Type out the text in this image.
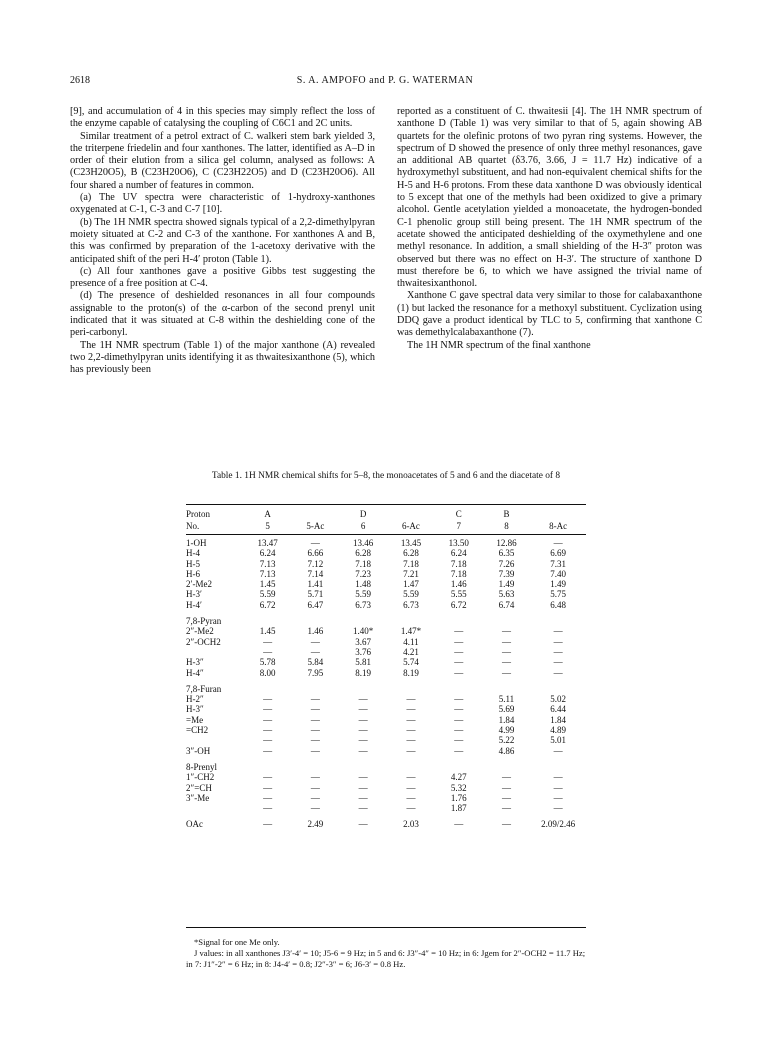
2618	S. A. AMPOFO and P. G. WATERMAN

[9], and accumulation of 4 in this species may simply reflect the loss of the enzyme capable of catalysing the coupling of C6C1 and 2C units.

Similar treatment of a petrol extract of C. walkeri stem bark yielded 3, the triterpene friedelin and four xanthones. The latter, identified as A–D in order of their elution from a silica gel column, analysed as follows: A (C23H20O5), B (C23H20O6), C (C23H22O5) and D (C23H20O6). All four shared a number of features in common.

(a) The UV spectra were characteristic of 1-hydroxy-xanthones oxygenated at C-1, C-3 and C-7 [10].

(b) The 1H NMR spectra showed signals typical of a 2,2-dimethylpyran moiety situated at C-2 and C-3 of the xanthone. For xanthones A and B, this was confirmed by preparation of the 1-acetoxy derivative with the anticipated shift of the peri H-4′ proton (Table 1).

(c) All four xanthones gave a positive Gibbs test suggesting the presence of a free position at C-4.

(d) The presence of deshielded resonances in all four compounds assignable to the proton(s) of the α-carbon of the second prenyl unit indicated that it was situated at C-8 within the deshielding cone of the peri-carbonyl.

The 1H NMR spectrum (Table 1) of the major xanthone (A) revealed two 2,2-dimethylpyran units identifying it as thwaitesixanthone (5), which has previously been

reported as a constituent of C. thwaitesii [4]. The 1H NMR spectrum of xanthone D (Table 1) was very similar to that of 5, again showing AB quartets for the olefinic protons of two pyran ring systems. However, the spectrum of D showed the presence of only three methyl resonances, gave an additional AB quartet (δ3.76, 3.66, J = 11.7 Hz) indicative of a hydroxymethyl substituent, and had non-equivalent chemical shifts for the H-5 and H-6 protons. From these data xanthone D was obviously identical to 5 except that one of the methyls had been oxidized to give a primary alcohol. Gentle acetylation yielded a monoacetate, the hydrogen-bonded C-1 phenolic group still being present. The 1H NMR spectrum of the acetate showed the anticipated deshielding of the oxymethylene and one methyl resonance. In addition, a small shielding of the H-3″ proton was observed but there was no effect on H-3′. The structure of xanthone D must therefore be 6, to which we have assigned the trivial name of thwaitesixanthonol.

Xanthone C gave spectral data very similar to those for calabaxanthone (1) but lacked the resonance for a methoxyl substituent. Cyclization using DDQ gave a product identical by TLC to 5, confirming that xanthone C was demethylcalabaxanthone (7).

The 1H NMR spectrum of the final xanthone

Table 1. 1H NMR chemical shifts for 5–8, the monoacetates of 5 and 6 and the diacetate of 8
Proton	A		D		C	B	
No.	5	5-Ac	6	6-Ac	7	8	8-Ac

1-OH	13.47	—	13.46	13.45	13.50	12.86	—
H-4	6.24	6.66	6.28	6.28	6.24	6.35	6.69
H-5	7.13	7.12	7.18	7.18	7.18	7.26	7.31
H-6	7.13	7.14	7.23	7.21	7.18	7.39	7.40
2′-Me2	1.45	1.41	1.48	1.47	1.46	1.49	1.49
H-3′	5.59	5.71	5.59	5.59	5.55	5.63	5.75
H-4′	6.72	6.47	6.73	6.73	6.72	6.74	6.48

7,8-Pyran							
2″-Me2	1.45	1.46	1.40*	1.47*	—	—	—
2″-OCH2	—	—	3.67	4.11	—	—	—
	—	—	3.76	4.21	—	—	—
H-3″	5.78	5.84	5.81	5.74	—	—	—
H-4″	8.00	7.95	8.19	8.19	—	—	—

7,8-Furan							
H-2″	—	—	—	—	—	5.11	5.02
H-3″	—	—	—	—	—	5.69	6.44
=Me	—	—	—	—	—	1.84	1.84
=CH2	—	—	—	—	—	4.99	4.89
	—	—	—	—	—	5.22	5.01
3″-OH	—	—	—	—	—	4.86	—

8-Prenyl							
1″-CH2	—	—	—	—	4.27	—	—
2″=CH	—	—	—	—	5.32	—	—
3″-Me	—	—	—	—	1.76	—	—
	—	—	—	—	1.87	—	—

OAc	—	2.49	—	2.03	—	—	2.09/2.46

*Signal for one Me only.

J values: in all xanthones J3′-4′ = 10; J5-6 = 9 Hz; in 5 and 6: J3″-4″ = 10 Hz; in 6: Jgem for 2″-OCH2 = 11.7 Hz; in 7: J1″-2″ = 6 Hz; in 8: J4-4′ = 0.8; J2″-3″ = 6; J6-3′ = 0.8 Hz.
